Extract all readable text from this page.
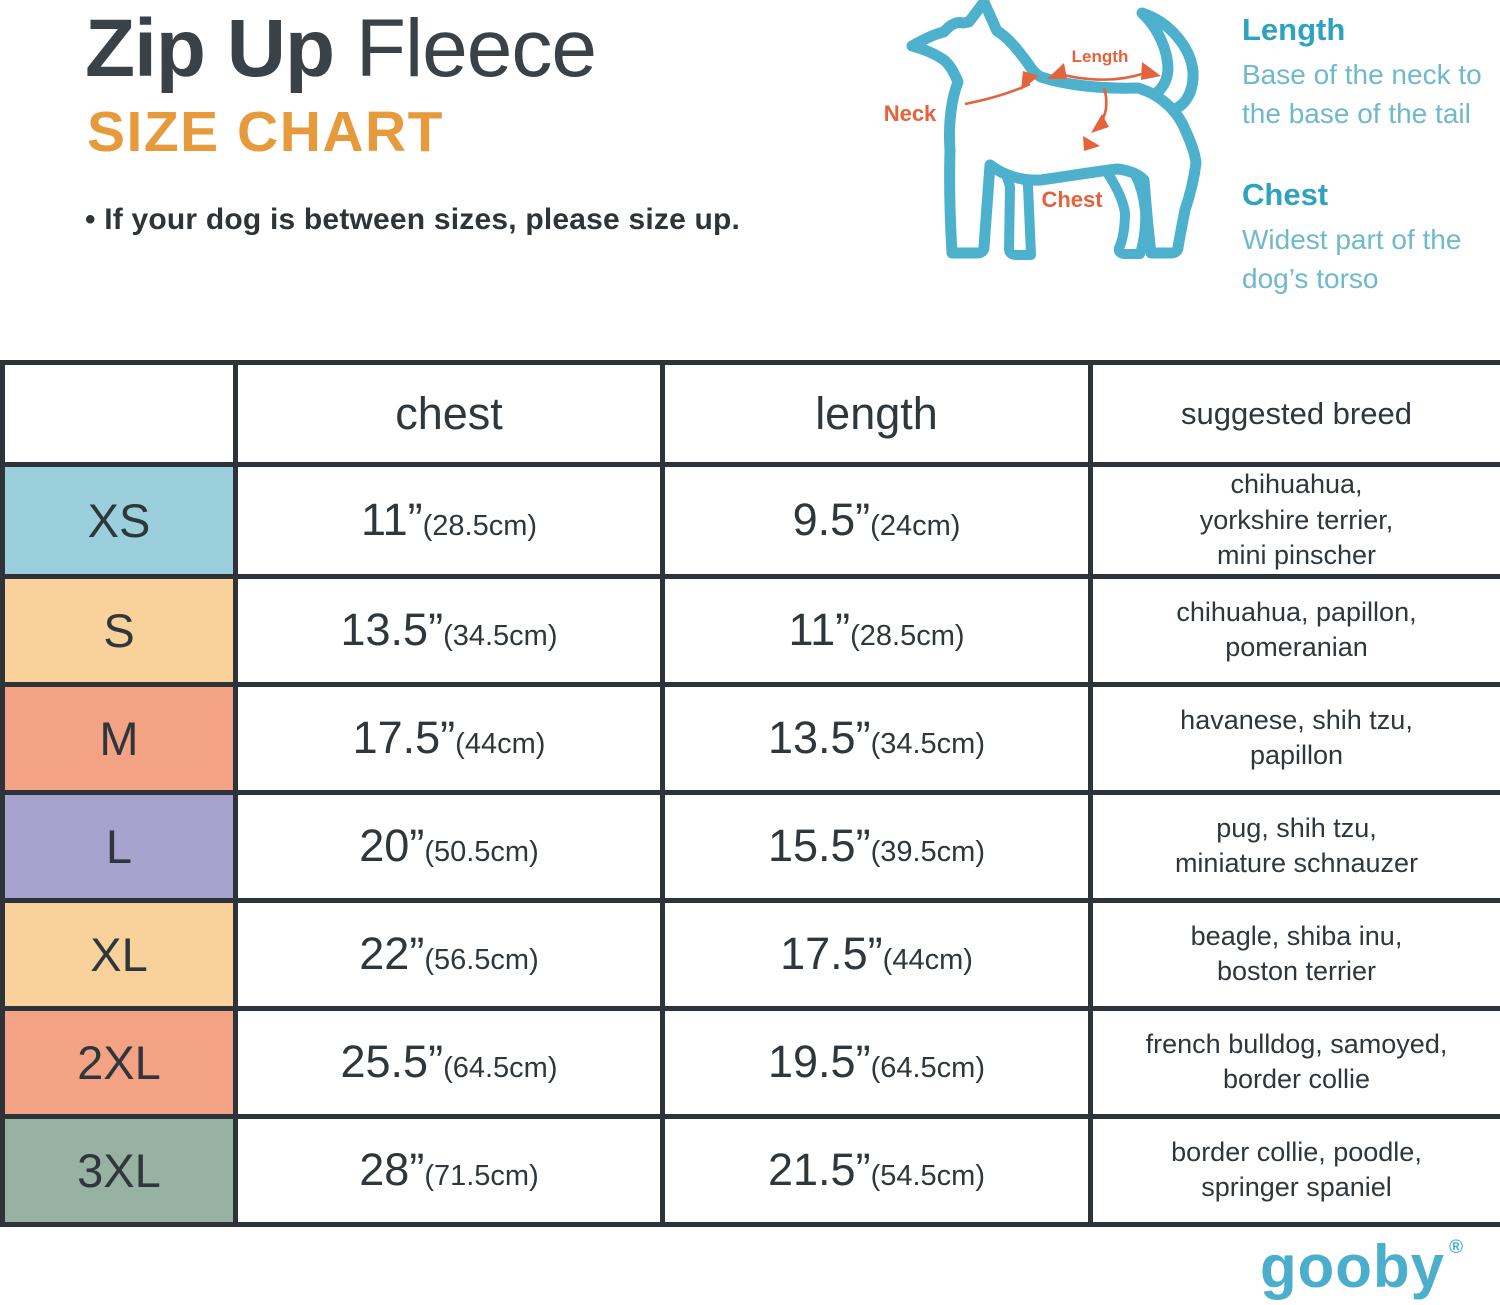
Zip Up Fleece
SIZE CHART

• If your dog is between sizes, please size up.

Neck
Length
Chest

Length

Base of the neck to the base of the tail

Chest

Widest part of the dog’s torso

	chest	length	suggested breed
XS	11”(28.5cm)	9.5”(24cm)	chihuahua,
yorkshire terrier,
mini pinscher
S	13.5”(34.5cm)	11”(28.5cm)	chihuahua, papillon,
pomeranian
M	17.5”(44cm)	13.5”(34.5cm)	havanese, shih tzu,
papillon
L	20”(50.5cm)	15.5”(39.5cm)	pug, shih tzu,
miniature schnauzer
XL	22”(56.5cm)	17.5”(44cm)	beagle, shiba inu,
boston terrier
2XL	25.5”(64.5cm)	19.5”(64.5cm)	french bulldog, samoyed,
border collie
3XL	28”(71.5cm)	21.5”(54.5cm)	border collie, poodle,
springer spaniel
gooby ®
